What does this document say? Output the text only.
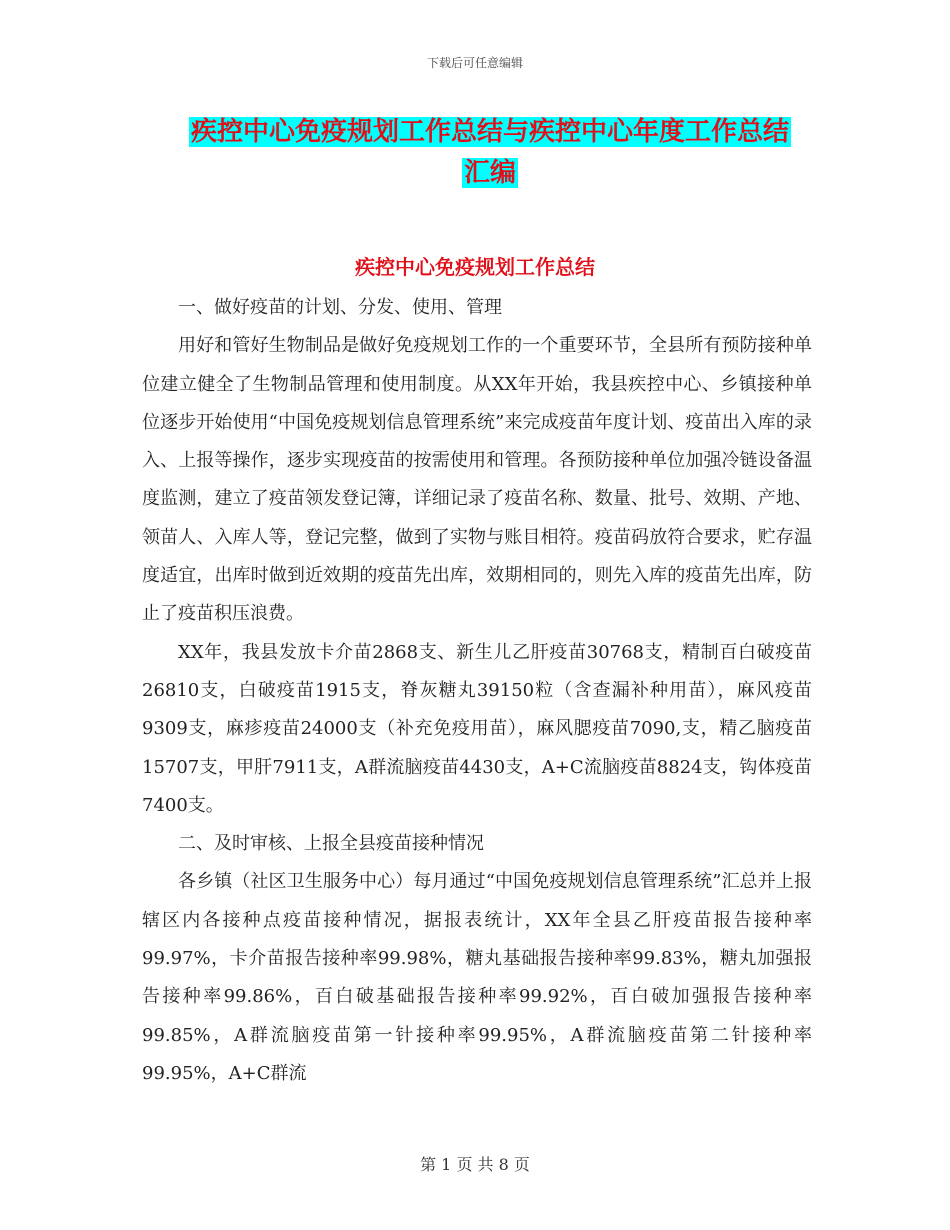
下载后可任意编辑
疾控中心免疫规划工作总结与疾控中心年度工作总结
汇编
疾控中心免疫规划工作总结

一、做好疫苗的计划、分发、使用、管理

用好和管好生物制品是做好免疫规划工作的一个重要环节，全县所有预防接种单位建立健全了生物制品管理和使用制度。从XX年开始，我县疾控中心、乡镇接种单位逐步开始使用“中国免疫规划信息管理系统”来完成疫苗年度计划、疫苗出入库的录入、上报等操作，逐步实现疫苗的按需使用和管理。各预防接种单位加强冷链设备温度监测，建立了疫苗领发登记簿，详细记录了疫苗名称、数量、批号、效期、产地、领苗人、入库人等，登记完整，做到了实物与账目相符。疫苗码放符合要求，贮存温度适宜，出库时做到近效期的疫苗先出库，效期相同的，则先入库的疫苗先出库，防止了疫苗积压浪费。

XX年，我县发放卡介苗2868支、新生儿乙肝疫苗30768支，精制百白破疫苗26810支，白破疫苗1915支，脊灰糖丸39150粒（含查漏补种用苗），麻风疫苗9309支，麻疹疫苗24000支（补充免疫用苗），麻风腮疫苗7090,支，精乙脑疫苗15707支，甲肝7911支，A群流脑疫苗4430支，A+C流脑疫苗8824支，钩体疫苗7400支。

二、及时审核、上报全县疫苗接种情况

各乡镇（社区卫生服务中心）每月通过“中国免疫规划信息管理系统”汇总并上报辖区内各接种点疫苗接种情况，据报表统计，XX年全县乙肝疫苗报告接种率99.97%，卡介苗报告接种率99.98%，糖丸基础报告接种率99.83%，糖丸加强报告接种率99.86%，百白破基础报告接种率99.92%，百白破加强报告接种率99.85%，A群流脑疫苗第一针接种率99.95%，A群流脑疫苗第二针接种率99.95%，A+C群流

第 1 页 共 8 页
